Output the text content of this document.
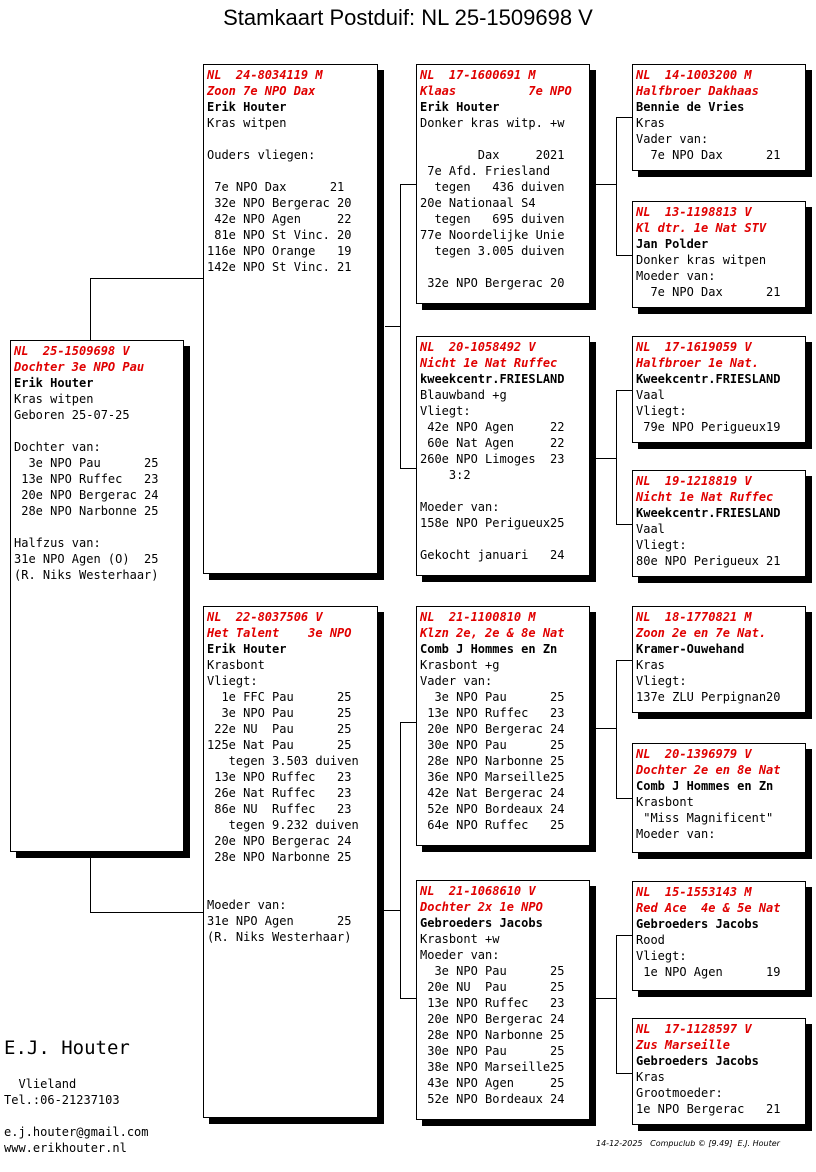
Stamkaart Postduif: NL 25-1509698 V
NL  25-1509698 V
Dochter 3e NPO Pau
Erik Houter
Kras witpen
Geboren 25-07-25
Dochter van:
3e NPO Pau      25
13e NPO Ruffec   23
20e NPO Bergerac 24
28e NPO Narbonne 25
Halfzus van:
31e NPO Agen (O)  25
(R. Niks Westerhaar)
NL  24-8034119 M
Zoon 7e NPO Dax
Erik Houter
Kras witpen
Ouders vliegen:
7e NPO Dax      21
32e NPO Bergerac 20
42e NPO Agen     22
81e NPO St Vinc. 20
116e NPO Orange   19
142e NPO St Vinc. 21
NL  22-8037506 V
Het Talent    3e NPO
Erik Houter
Krasbont
Vliegt:
1e FFC Pau      25
3e NPO Pau      25
22e NU  Pau      25
125e Nat Pau      25
tegen 3.503 duiven
13e NPO Ruffec   23
26e Nat Ruffec   23
86e NU  Ruffec   23
tegen 9.232 duiven
20e NPO Bergerac 24
28e NPO Narbonne 25
Moeder van:
31e NPO Agen      25
(R. Niks Westerhaar)
NL  17-1600691 M
Klaas          7e NPO
Erik Houter
Donker kras witp. +w
Dax     2021
7e Afd. Friesland
tegen   436 duiven
20e Nationaal S4
tegen   695 duiven
77e Noordelijke Unie
tegen 3.005 duiven
32e NPO Bergerac 20
NL  20-1058492 V
Nicht 1e Nat Ruffec
kweekcentr.FRIESLAND
Blauwband +g
Vliegt:
42e NPO Agen     22
60e Nat Agen     22
260e NPO Limoges  23
3:2
Moeder van:
158e NPO Perigueux25
Gekocht januari   24
NL  21-1100810 M
Klzn 2e, 2e & 8e Nat
Comb J Hommes en Zn
Krasbont +g
Vader van:
3e NPO Pau      25
13e NPO Ruffec   23
20e NPO Bergerac 24
30e NPO Pau      25
28e NPO Narbonne 25
36e NPO Marseille25
42e Nat Bergerac 24
52e NPO Bordeaux 24
64e NPO Ruffec   25
NL  21-1068610 V
Dochter 2x 1e NPO
Gebroeders Jacobs
Krasbont +w
Moeder van:
3e NPO Pau      25
20e NU  Pau      25
13e NPO Ruffec   23
20e NPO Bergerac 24
28e NPO Narbonne 25
30e NPO Pau      25
38e NPO Marseille25
43e NPO Agen     25
52e NPO Bordeaux 24
NL  14-1003200 M
Halfbroer Dakhaas
Bennie de Vries
Kras
Vader van:
7e NPO Dax      21
NL  13-1198813 V
Kl dtr. 1e Nat STV
Jan Polder
Donker kras witpen
Moeder van:
7e NPO Dax      21
NL  17-1619059 V
Halfbroer 1e Nat.
Kweekcentr.FRIESLAND
Vaal
Vliegt:
79e NPO Perigueux19
NL  19-1218819 V
Nicht 1e Nat Ruffec
Kweekcentr.FRIESLAND
Vaal
Vliegt:
80e NPO Perigueux 21
NL  18-1770821 M
Zoon 2e en 7e Nat.
Kramer-Ouwehand
Kras
Vliegt:
137e ZLU Perpignan20
NL  20-1396979 V
Dochter 2e en 8e Nat
Comb J Hommes en Zn
Krasbont
"Miss Magnificent"
Moeder van:
NL  15-1553143 M
Red Ace  4e & 5e Nat
Gebroeders Jacobs
Rood
Vliegt:
1e NPO Agen      19
NL  17-1128597 V
Zus Marseille
Gebroeders Jacobs
Kras
Grootmoeder:
1e NPO Bergerac   21
E.J. Houter
Vlieland
Tel.:06-21237103
e.j.houter@gmail.com
www.erikhouter.nl	14-12-2025   Compuclub © [9.49]  E.J. Houter
